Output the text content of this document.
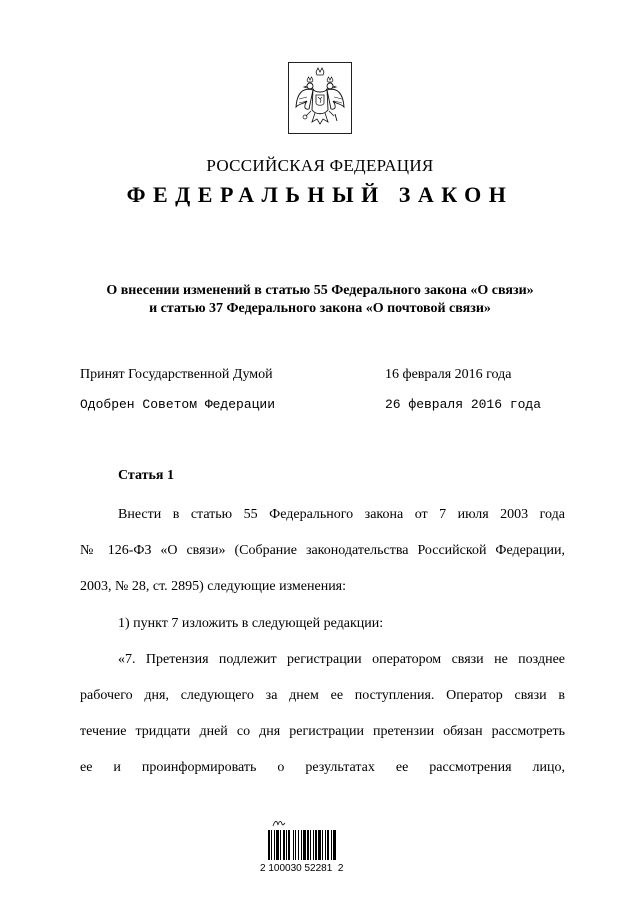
РОССИЙСКАЯ ФЕДЕРАЦИЯ
ФЕДЕРАЛЬНЫЙ ЗАКОН
О внесении изменений в статью 55 Федерального закона «О связи»
и статью 37 Федерального закона «О почтовой связи»
Принят Государственной Думой	16 февраля 2016 года
Одобрен Советом Федерации	26 февраля 2016 года
Статья 1

Внести в статью 55 Федерального закона от 7 июля 2003 года

№ 126-ФЗ «О связи» (Собрание законодательства Российской Федерации,

2003, № 28, ст. 2895) следующие изменения:

1) пункт 7 изложить в следующей редакции:

«7. Претензия подлежит регистрации оператором связи не позднее

рабочего дня, следующего за днем ее поступления. Оператор связи в

течение тридцати дней со дня регистрации претензии обязан рассмотреть

ее и проинформировать о результатах ее рассмотрения лицо,

2 100030 52281  2
